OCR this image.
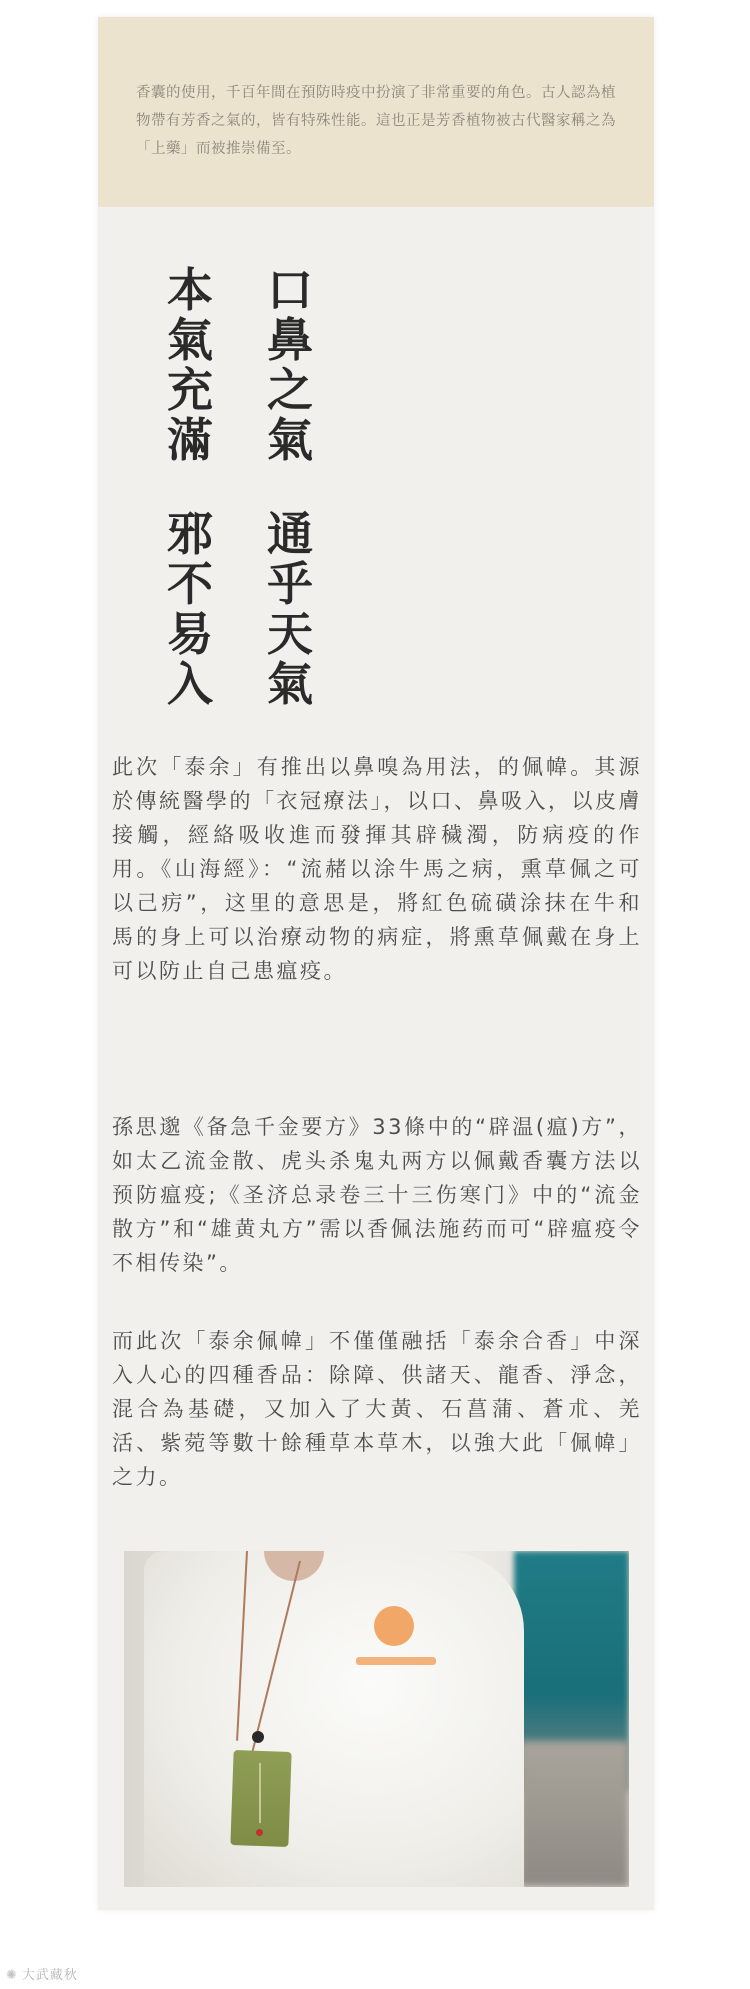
香囊的使用，千百年間在預防時疫中扮演了非常重要的角色。古人認為植物帶有芳香之氣的，皆有特殊性能。這也正是芳香植物被古代醫家稱之為「上藥」而被推崇備至。
口鼻之氣
通乎天氣
本氣充滿
邪不易入
此次「泰余」有推出以鼻嗅為用法，的佩幃。其源於傳統醫學的「衣冠療法」，以口、鼻吸入，以皮膚接觸，經絡吸收進而發揮其辟穢濁，防病疫的作用。《山海經》：“流赭以涂牛馬之病，熏草佩之可以己疠”，这里的意思是，將紅色硫磺涂抹在牛和馬的身上可以治療动物的病症，將熏草佩戴在身上可以防止自己患瘟疫。
孫思邈《备急千金要方》33條中的“辟温(瘟)方”，如太乙流金散、虎头杀鬼丸两方以佩戴香囊方法以预防瘟疫;《圣济总录卷三十三伤寒门》中的“流金散方”和“雄黄丸方”需以香佩法施药而可“辟瘟疫令不相传染”。
而此次「泰余佩幃」不僅僅融括「泰余合香」中深入人心的四種香品：除障、供諸天、龍香、淨念，混合為基礎，又加入了大黃、石菖蒲、蒼朮、羌活、紫菀等數十餘種草本草木，以強大此「佩幃」之力。
✺ 大武藏秋
